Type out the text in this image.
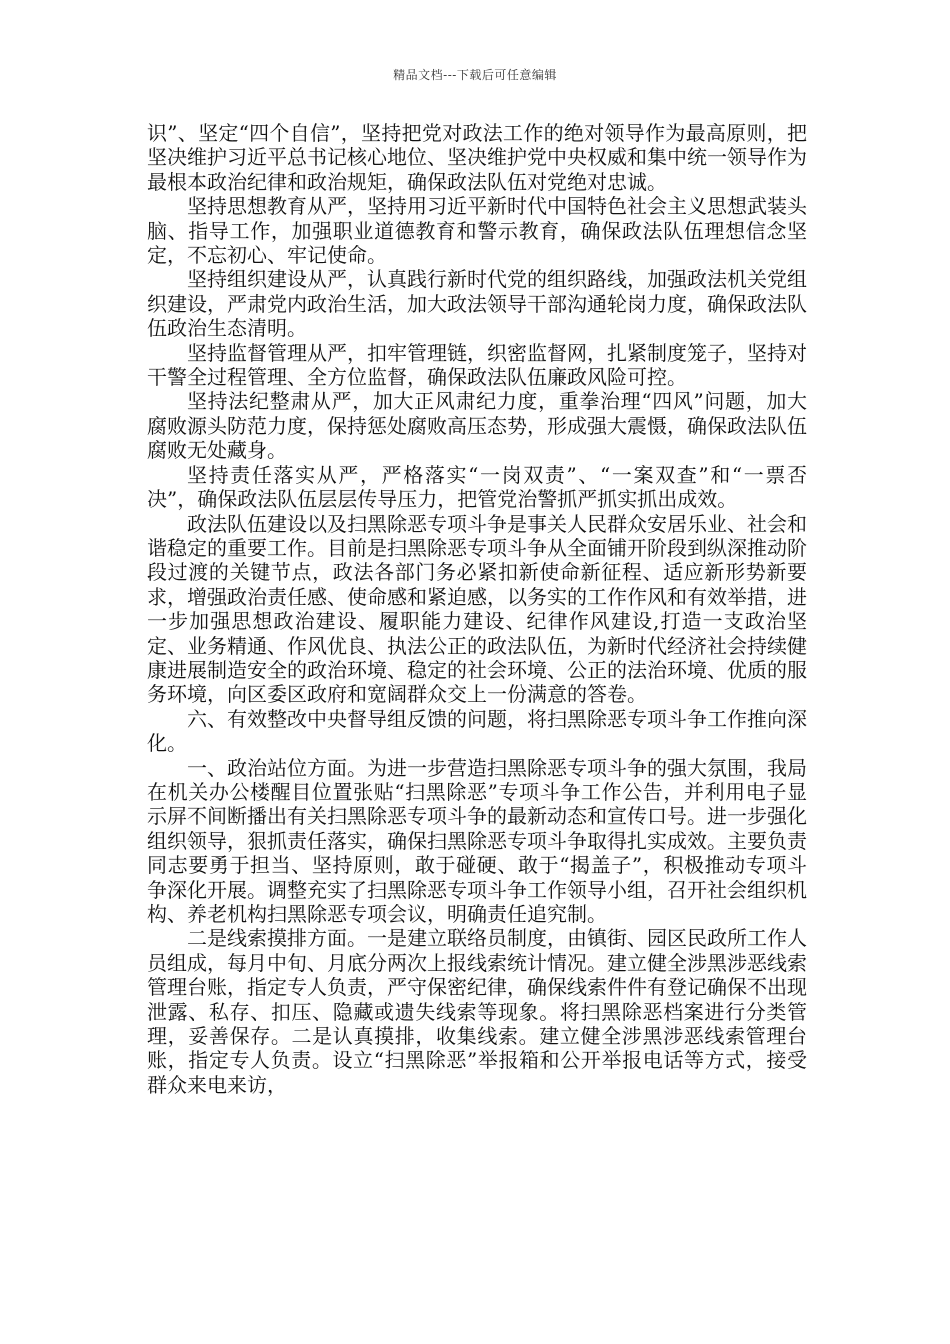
精品文档---下载后可任意编辑

识”、坚定“四个自信”，坚持把党对政法工作的绝对领导作为最高原则，把坚决维护习近平总书记核心地位、坚决维护党中央权威和集中统一领导作为最根本政治纪律和政治规矩，确保政法队伍对党绝对忠诚。

坚持思想教育从严，坚持用习近平新时代中国特色社会主义思想武装头脑、指导工作，加强职业道德教育和警示教育，确保政法队伍理想信念坚定，不忘初心、牢记使命。

坚持组织建设从严，认真践行新时代党的组织路线，加强政法机关党组织建设，严肃党内政治生活，加大政法领导干部沟通轮岗力度，确保政法队伍政治生态清明。

坚持监督管理从严，扣牢管理链，织密监督网，扎紧制度笼子，坚持对干警全过程管理、全方位监督，确保政法队伍廉政风险可控。

坚持法纪整肃从严，加大正风肃纪力度，重拳治理“四风”问题，加大腐败源头防范力度，保持惩处腐败高压态势，形成强大震慑，确保政法队伍腐败无处藏身。

坚持责任落实从严，严格落实“一岗双责”、“一案双查”和“一票否决”，确保政法队伍层层传导压力，把管党治警抓严抓实抓出成效。

政法队伍建设以及扫黑除恶专项斗争是事关人民群众安居乐业、社会和谐稳定的重要工作。目前是扫黑除恶专项斗争从全面铺开阶段到纵深推动阶段过渡的关键节点，政法各部门务必紧扣新使命新征程、适应新形势新要求，增强政治责任感、使命感和紧迫感，以务实的工作作风和有效举措，进一步加强思想政治建设、履职能力建设、纪律作风建设,打造一支政治坚定、业务精通、作风优良、执法公正的政法队伍，为新时代经济社会持续健康进展制造安全的政治环境、稳定的社会环境、公正的法治环境、优质的服务环境，向区委区政府和宽阔群众交上一份满意的答卷。

六、有效整改中央督导组反馈的问题，将扫黑除恶专项斗争工作推向深化。

一、政治站位方面。为进一步营造扫黑除恶专项斗争的强大氛围，我局在机关办公楼醒目位置张贴“扫黑除恶”专项斗争工作公告，并利用电子显示屏不间断播出有关扫黑除恶专项斗争的最新动态和宣传口号。进一步强化组织领导，狠抓责任落实，确保扫黑除恶专项斗争取得扎实成效。主要负责同志要勇于担当、坚持原则，敢于碰硬、敢于“揭盖子”，积极推动专项斗争深化开展。调整充实了扫黑除恶专项斗争工作领导小组，召开社会组织机构、养老机构扫黑除恶专项会议，明确责任追究制。

二是线索摸排方面。一是建立联络员制度，由镇街、园区民政所工作人员组成，每月中旬、月底分两次上报线索统计情况。建立健全涉黑涉恶线索管理台账，指定专人负责，严守保密纪律，确保线索件件有登记确保不出现泄露、私存、扣压、隐藏或遗失线索等现象。将扫黑除恶档案进行分类管理，妥善保存。二是认真摸排，收集线索。建立健全涉黑涉恶线索管理台账，指定专人负责。设立“扫黑除恶”举报箱和公开举报电话等方式，接受群众来电来访，
